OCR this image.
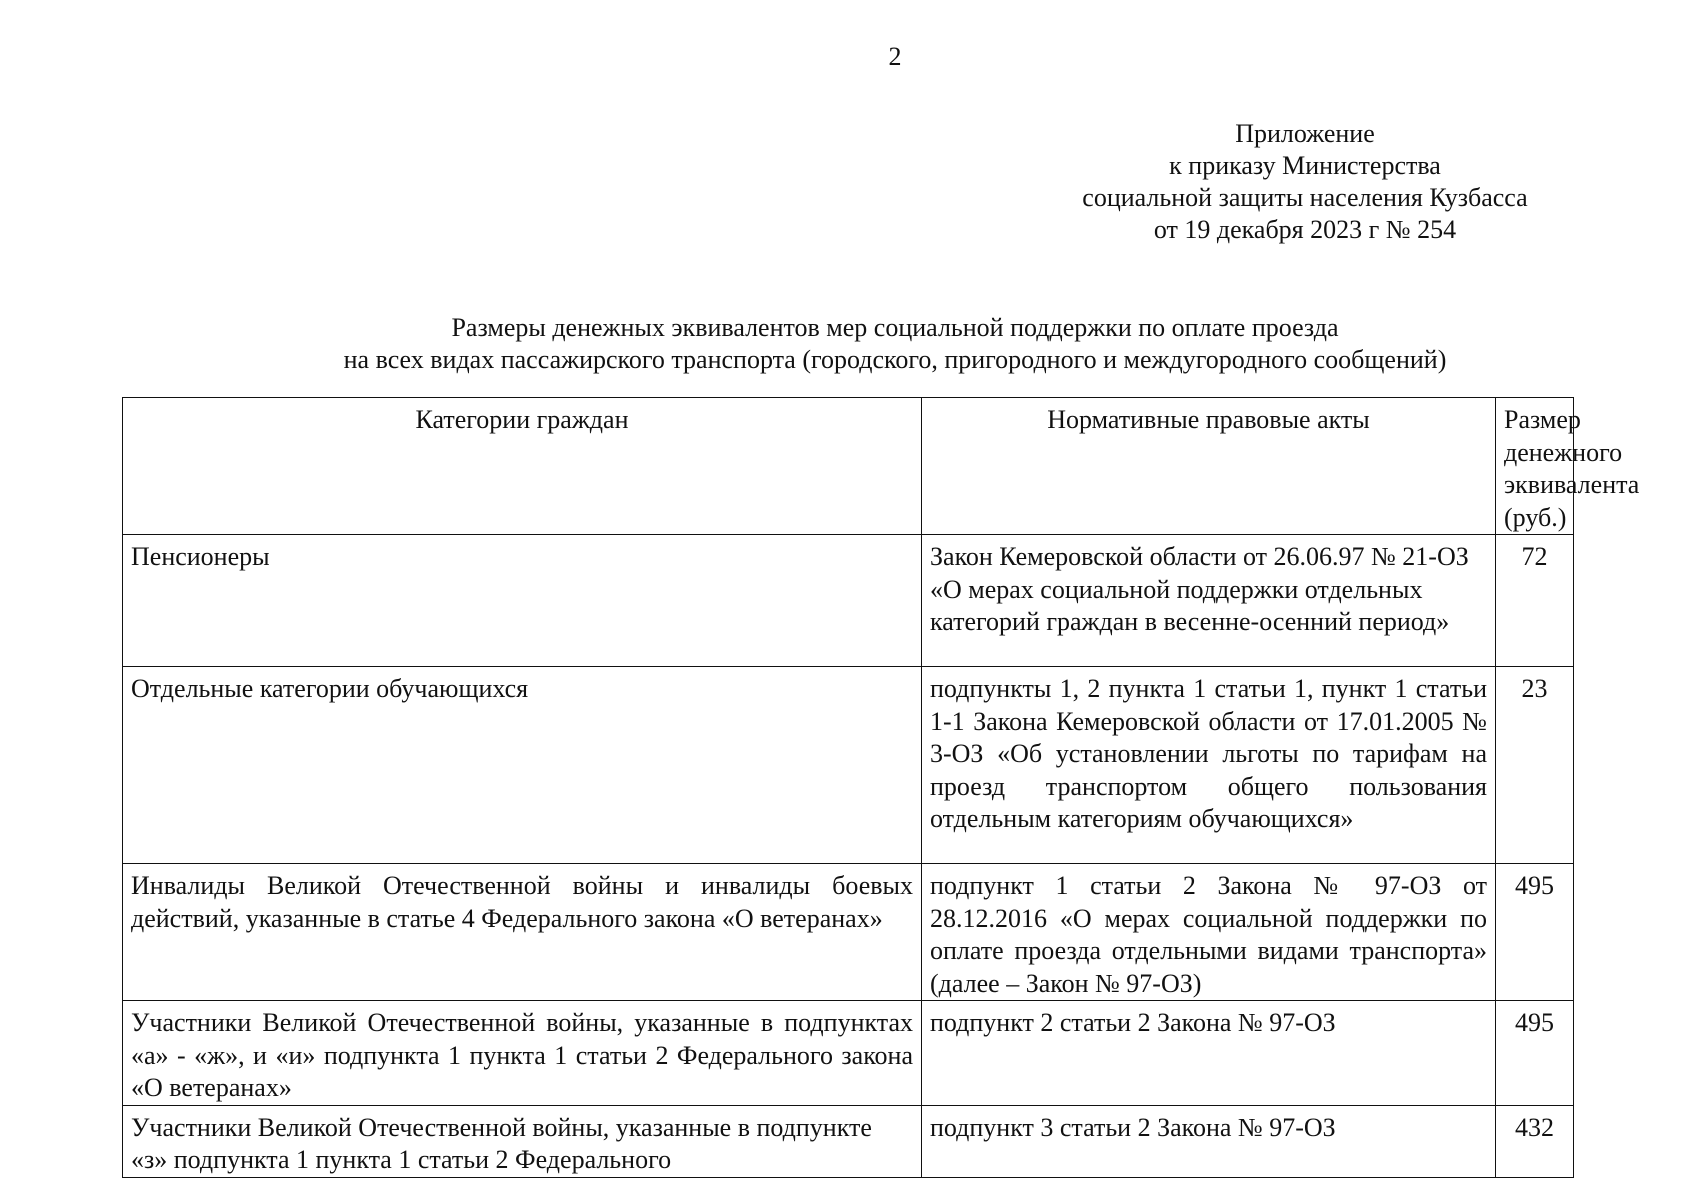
2
Приложение
к приказу Министерства
социальной защиты населения Кузбасса
от 19 декабря 2023 г № 254
Размеры денежных эквивалентов мер социальной поддержки по оплате проезда
на всех видах пассажирского транспорта (городского, пригородного и междугородного сообщений)
Категории граждан	Нормативные правовые акты	Размер денежного эквивалента (руб.)
Пенсионеры	Закон Кемеровской области от 26.06.97 № 21-ОЗ «О мерах социальной поддержки отдельных категорий граждан в весенне-осенний период»	72
Отдельные категории обучающихся	подпункты 1, 2 пункта 1 статьи 1, пункт 1 статьи 1-1 Закона Кемеровской области от 17.01.2005 № 3-ОЗ «Об установлении льготы по тарифам на проезд транспортом общего пользования отдельным категориям обучающихся»	23
Инвалиды Великой Отечественной войны и инвалиды боевых действий, указанные в статье 4 Федерального закона «О ветеранах»	подпункт 1 статьи 2 Закона № 97-ОЗ от 28.12.2016 «О мерах социальной поддержки по оплате проезда отдельными видами транспорта» (далее – Закон № 97-ОЗ)	495
Участники Великой Отечественной войны, указанные в подпунктах «а» - «ж», и «и» подпункта 1 пункта 1 статьи 2 Федерального закона «О ветеранах»	подпункт 2 статьи 2 Закона № 97-ОЗ	495
Участники Великой Отечественной войны, указанные в подпункте «з» подпункта 1 пункта 1 статьи 2 Федерального	подпункт 3 статьи 2 Закона № 97-ОЗ	432
